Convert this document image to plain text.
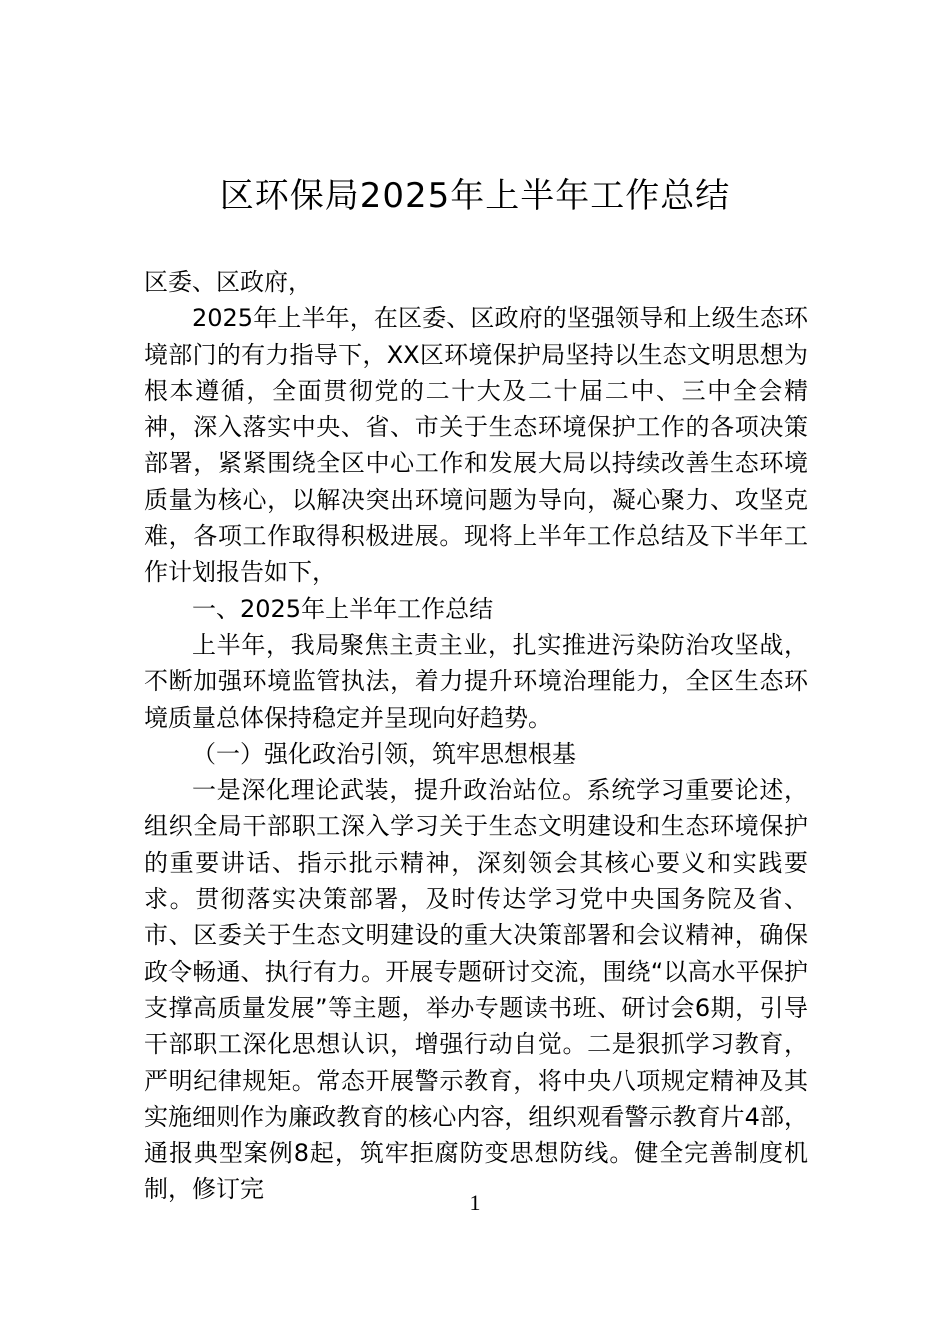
区环保局2025年上半年工作总结

区委、区政府，

2025年上半年，在区委、区政府的坚强领导和上级生态环境部门的有力指导下，XX区环境保护局坚持以生态文明思想为根本遵循，全面贯彻党的二十大及二十届二中、三中全会精神，深入落实中央、省、市关于生态环境保护工作的各项决策部署，紧紧围绕全区中心工作和发展大局以持续改善生态环境质量为核心，以解决突出环境问题为导向，凝心聚力、攻坚克难，各项工作取得积极进展。现将上半年工作总结及下半年工作计划报告如下，

一、2025年上半年工作总结

上半年，我局聚焦主责主业，扎实推进污染防治攻坚战，不断加强环境监管执法，着力提升环境治理能力，全区生态环境质量总体保持稳定并呈现向好趋势。

（一）强化政治引领，筑牢思想根基

一是深化理论武装，提升政治站位。系统学习重要论述，组织全局干部职工深入学习关于生态文明建设和生态环境保护的重要讲话、指示批示精神，深刻领会其核心要义和实践要求。贯彻落实决策部署，及时传达学习党中央国务院及省、市、区委关于生态文明建设的重大决策部署和会议精神，确保政令畅通、执行有力。开展专题研讨交流，围绕“以高水平保护支撑高质量发展”等主题，举办专题读书班、研讨会6期，引导干部职工深化思想认识，增强行动自觉。二是狠抓学习教育，严明纪律规矩。常态开展警示教育，将中央八项规定精神及其实施细则作为廉政教育的核心内容，组织观看警示教育片4部，通报典型案例8起，筑牢拒腐防变思想防线。健全完善制度机制，修订完	1
